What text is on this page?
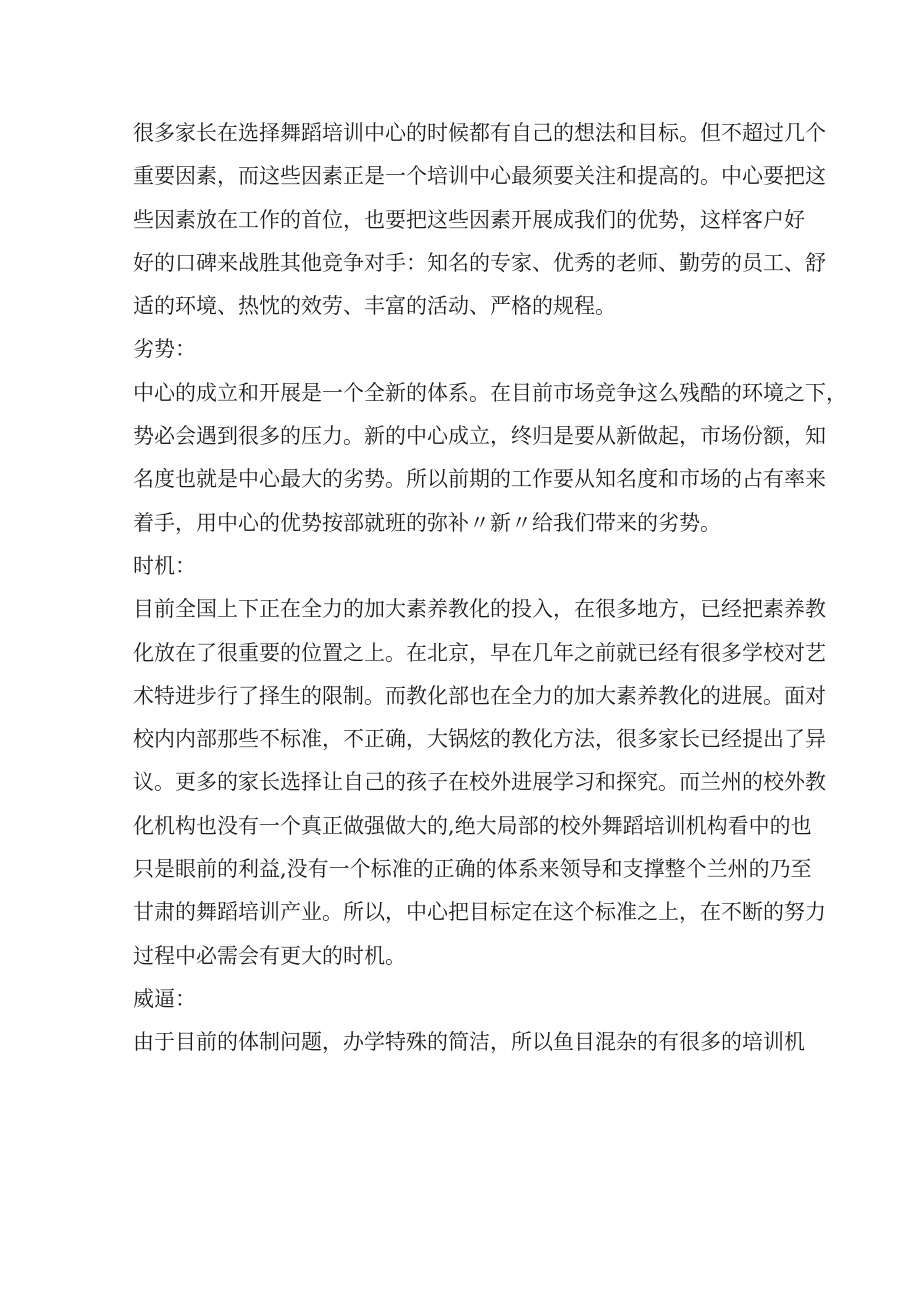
很多家长在选择舞蹈培训中心的时候都有自己的想法和目标。但不超过几个
重要因素，而这些因素正是一个培训中心最须要关注和提高的。中心要把这
些因素放在工作的首位，也要把这些因素开展成我们的优势，这样客户好
好的口碑来战胜其他竞争对手：知名的专家、优秀的老师、勤劳的员工、舒
适的环境、热忱的效劳、丰富的活动、严格的规程。
劣势：
中心的成立和开展是一个全新的体系。在目前市场竞争这么残酷的环境之下，
势必会遇到很多的压力。新的中心成立，终归是要从新做起，市场份额，知
名度也就是中心最大的劣势。所以前期的工作要从知名度和市场的占有率来
着手，用中心的优势按部就班的弥补〃新〃给我们带来的劣势。
时机：
目前全国上下正在全力的加大素养教化的投入，在很多地方，已经把素养教
化放在了很重要的位置之上。在北京，早在几年之前就已经有很多学校对艺
术特进步行了择生的限制。而教化部也在全力的加大素养教化的进展。面对
校内内部那些不标准，不正确，大锅炫的教化方法，很多家长已经提出了异
议。更多的家长选择让自己的孩子在校外进展学习和探究。而兰州的校外教
化机构也没有一个真正做强做大的,绝大局部的校外舞蹈培训机构看中的也
只是眼前的利益,没有一个标准的正确的体系来领导和支撑整个兰州的乃至
甘肃的舞蹈培训产业。所以，中心把目标定在这个标准之上，在不断的努力
过程中必需会有更大的时机。
威逼：
由于目前的体制问题，办学特殊的简洁，所以鱼目混杂的有很多的培训机
